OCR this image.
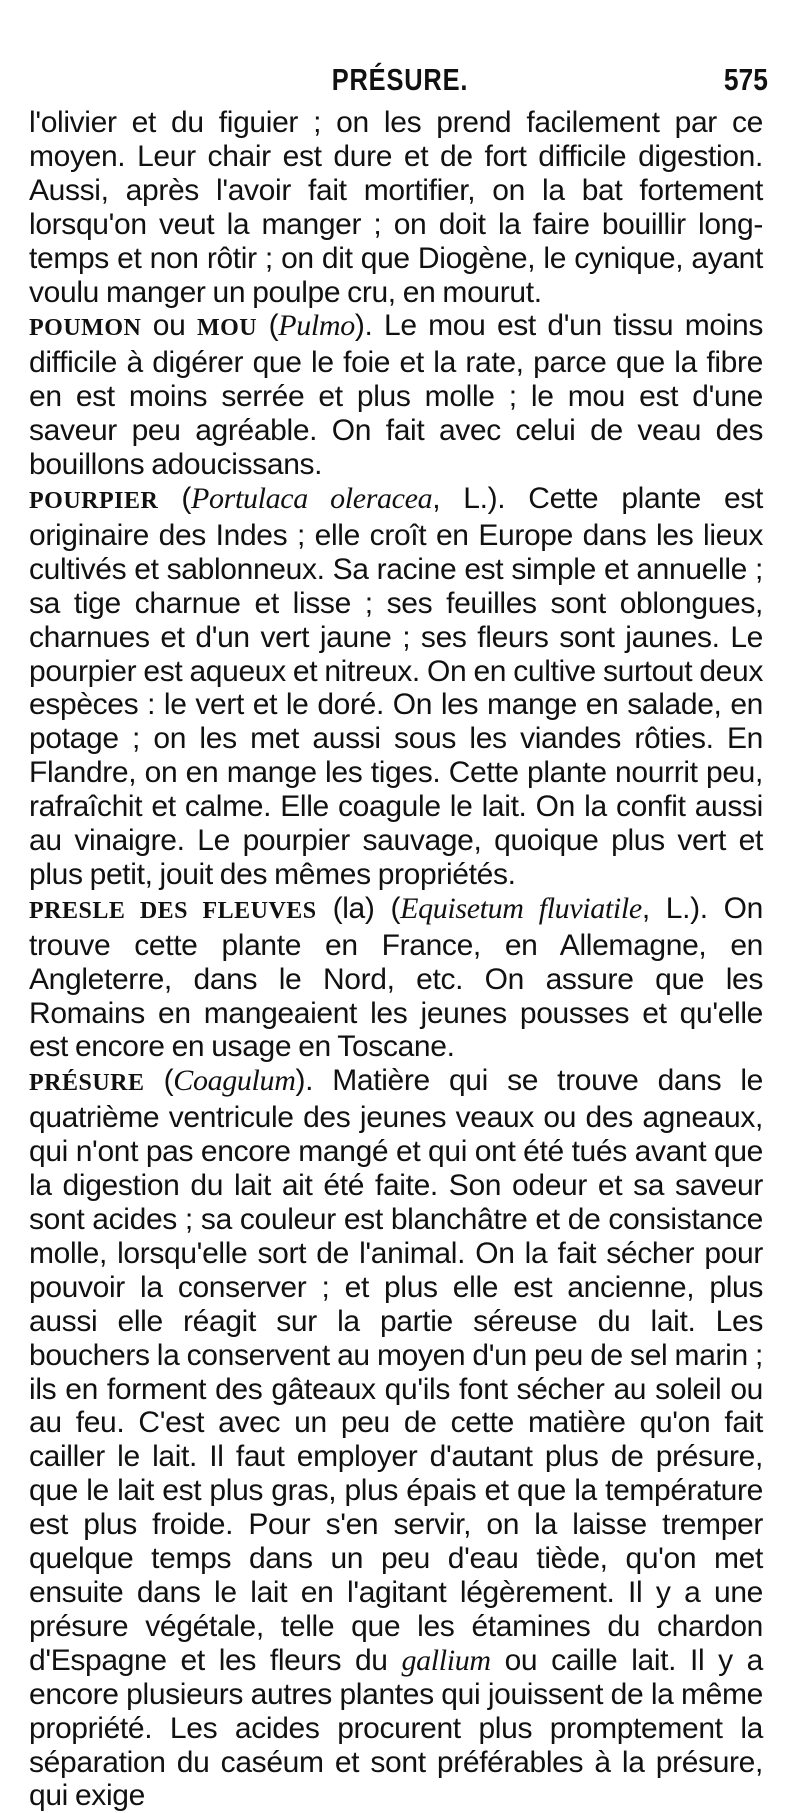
PRÉSURE.	575

l'olivier et du figuier ; on les prend facilement par ce moyen. Leur chair est dure et de fort difficile digestion. Aussi, après l'avoir fait mortifier, on la bat fortement lorsqu'on veut la manger ; on doit la faire bouillir long-temps et non rôtir ; on dit que Diogène, le cynique, ayant voulu manger un poulpe cru, en mourut.

POUMON ou MOU (Pulmo). Le mou est d'un tissu moins difficile à digérer que le foie et la rate, parce que la fibre en est moins serrée et plus molle ; le mou est d'une saveur peu agréable. On fait avec celui de veau des bouillons adoucissans.

POURPIER (Portulaca oleracea, L.). Cette plante est originaire des Indes ; elle croît en Europe dans les lieux cultivés et sablonneux. Sa racine est simple et annuelle ; sa tige charnue et lisse ; ses feuilles sont oblongues, charnues et d'un vert jaune ; ses fleurs sont jaunes. Le pourpier est aqueux et nitreux. On en cultive surtout deux espèces : le vert et le doré. On les mange en salade, en potage ; on les met aussi sous les viandes rôties. En Flandre, on en mange les tiges. Cette plante nourrit peu, rafraîchit et calme. Elle coagule le lait. On la confit aussi au vinaigre. Le pourpier sauvage, quoique plus vert et plus petit, jouit des mêmes propriétés.

PRESLE DES FLEUVES (la) (Equisetum fluviatile, L.). On trouve cette plante en France, en Allemagne, en Angleterre, dans le Nord, etc. On assure que les Romains en mangeaient les jeunes pousses et qu'elle est encore en usage en Toscane.

PRÉSURE (Coagulum). Matière qui se trouve dans le quatrième ventricule des jeunes veaux ou des agneaux, qui n'ont pas encore mangé et qui ont été tués avant que la digestion du lait ait été faite. Son odeur et sa saveur sont acides ; sa couleur est blanchâtre et de consistance molle, lorsqu'elle sort de l'animal. On la fait sécher pour pouvoir la conserver ; et plus elle est ancienne, plus aussi elle réagit sur la partie séreuse du lait. Les bouchers la conservent au moyen d'un peu de sel marin ; ils en forment des gâteaux qu'ils font sécher au soleil ou au feu. C'est avec un peu de cette matière qu'on fait cailler le lait. Il faut employer d'autant plus de présure, que le lait est plus gras, plus épais et que la température est plus froide. Pour s'en servir, on la laisse tremper quelque temps dans un peu d'eau tiède, qu'on met ensuite dans le lait en l'agitant légèrement. Il y a une présure végétale, telle que les étamines du chardon d'Espagne et les fleurs du gallium ou caille lait. Il y a encore plusieurs autres plantes qui jouissent de la même propriété. Les acides procurent plus promptement la séparation du caséum et sont préférables à la présure, qui exige
